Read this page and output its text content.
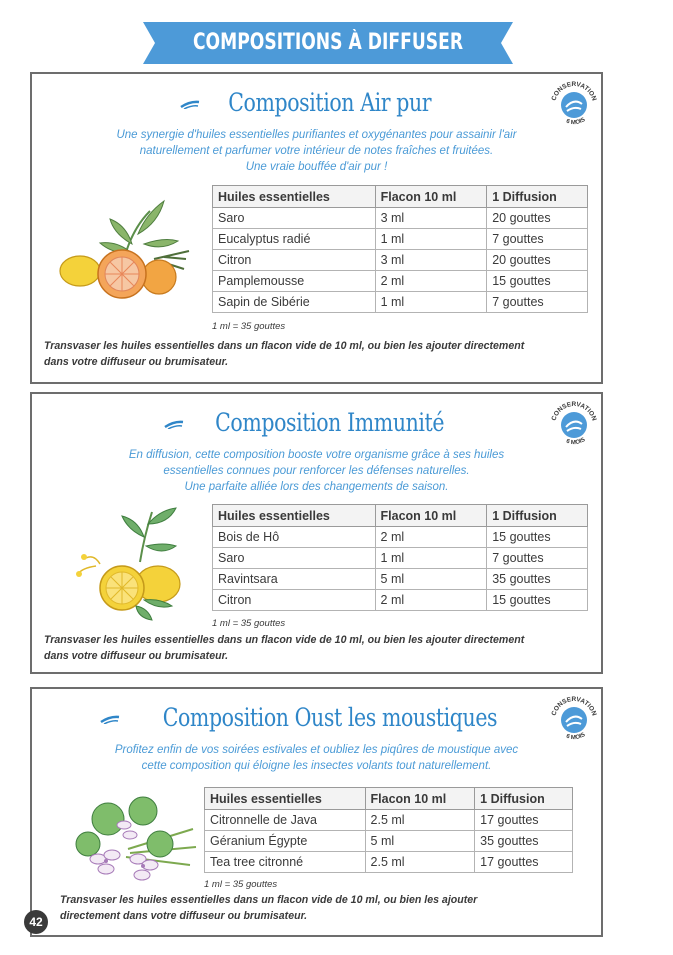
COMPOSITIONS À DIFFUSER
Composition Air pur	CONSERVATION
6 MOIS
Une synergie d'huiles essentielles purifiantes et oxygénantes pour assainir l'air
naturellement et parfumer votre intérieur de notes fraîches et fruitées.
Une vraie bouffée d'air pur !
Huiles essentielles	Flacon 10 ml	1 Diffusion
Saro	3 ml	20 gouttes
Eucalyptus radié	1 ml	7 gouttes
Citron	3 ml	20 gouttes
Pamplemousse	2 ml	15 gouttes
Sapin de Sibérie	1 ml	7 gouttes
1 ml = 35 gouttes
Transvaser les huiles essentielles dans un flacon vide de 10 ml, ou bien les ajouter directement
dans votre diffuseur ou brumisateur.
Composition Immunité	CONSERVATION
6 MOIS
En diffusion, cette composition booste votre organisme grâce à ses huiles
essentielles connues pour renforcer les défenses naturelles.
Une parfaite alliée lors des changements de saison.
Huiles essentielles	Flacon 10 ml	1 Diffusion
Bois de Hô	2 ml	15 gouttes
Saro	1 ml	7 gouttes
Ravintsara	5 ml	35 gouttes
Citron	2 ml	15 gouttes
1 ml = 35 gouttes
Transvaser les huiles essentielles dans un flacon vide de 10 ml, ou bien les ajouter directement
dans votre diffuseur ou brumisateur.
Composition Oust les moustiques	CONSERVATION
6 MOIS
Profitez enfin de vos soirées estivales et oubliez les piqûres de moustique avec
cette composition qui éloigne les insectes volants tout naturellement.
Huiles essentielles	Flacon 10 ml	1 Diffusion
Citronnelle de Java	2.5 ml	17 gouttes
Géranium Égypte	5 ml	35 gouttes
Tea tree citronné	2.5 ml	17 gouttes
1 ml = 35 gouttes
Transvaser les huiles essentielles dans un flacon vide de 10 ml, ou bien les ajouter
directement dans votre diffuseur ou brumisateur.
42
